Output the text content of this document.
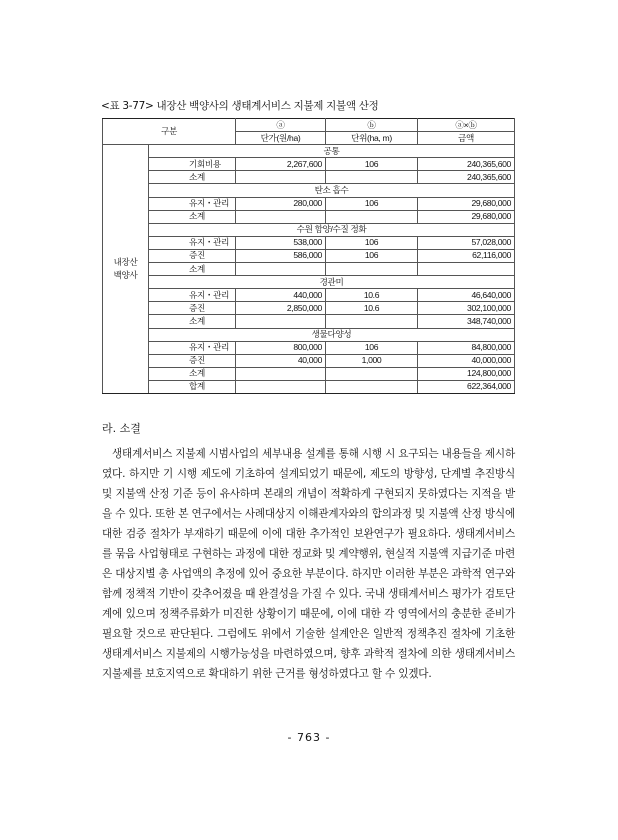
<표 3-77> 내장산 백양사의 생태계서비스 지불제 지불액 산정
구분		ⓐ	ⓑ	ⓐ×ⓑ
		단가(원/ha)	단위(ha, m)	금액
내장산
백양사	공통			
	기회비용	2,267,600	106	240,365,600
	소계			240,365,600
	탄소 흡수			
	유지・관리	280,000	106	29,680,000
	소계			29,680,000
	수원 함양/수질 정화			
	유지・관리	538,000	106	57,028,000
	증진	586,000	106	62,116,000
	소계			
	경관미			
	유지・관리	440,000	10.6	46,640,000
	증진	2,850,000	10.6	302,100,000
	소계			348,740,000
	생물다양성			
	유지・관리	800,000	106	84,800,000
	증진	40,000	1,000	40,000,000
	소계			124,800,000
	합계			622,364,000
라. 소결
생태계서비스 지불제 시범사업의 세부내용 설계를 통해 시행 시 요구되는 내용들을 제시하였다. 하지만 기 시행 제도에 기초하여 설계되었기 때문에, 제도의 방향성, 단계별 추진방식 및 지불액 산정 기준 등이 유사하며 본래의 개념이 적확하게 구현되지 못하였다는 지적을 받을 수 있다. 또한 본 연구에서는 사례대상지 이해관계자와의 합의과정 및 지불액 산정 방식에 대한 검증 절차가 부재하기 때문에 이에 대한 추가적인 보완연구가 필요하다. 생태계서비스를 묶음 사업형태로 구현하는 과정에 대한 정교화 및 계약행위, 현실적 지불액 지급기준 마련은 대상지별 총 사업액의 추정에 있어 중요한 부분이다. 하지만 이러한 부분은 과학적 연구와 함께 정책적 기반이 갖추어졌을 때 완결성을 가질 수 있다. 국내 생태계서비스 평가가 검토단계에 있으며 정책주류화가 미진한 상황이기 때문에, 이에 대한 각 영역에서의 충분한 준비가 필요할 것으로 판단된다. 그럼에도 위에서 기술한 설계안은 일반적 정책추진 절차에 기초한 생태계서비스 지불제의 시행가능성을 마련하였으며, 향후 과학적 절차에 의한 생태계서비스 지불제를 보호지역으로 확대하기 위한 근거를 형성하였다고 할 수 있겠다.
- 763 -
